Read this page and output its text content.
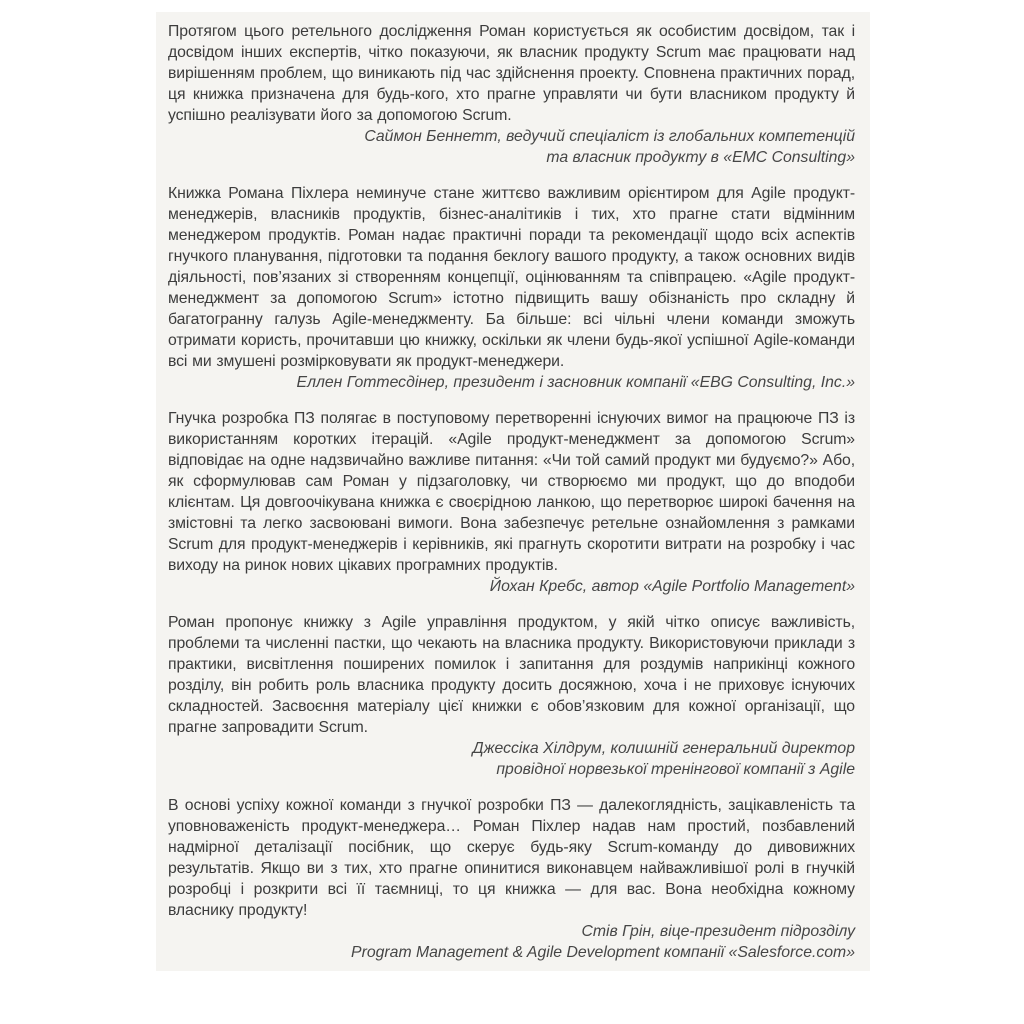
Протягом цього ретельного дослідження Роман користується як особистим досвідом, так і досвідом інших експертів, чітко показуючи, як власник продукту Scrum має працювати над вирішенням проблем, що виникають під час здійснення проекту. Сповнена практичних порад, ця книжка призначена для будь-кого, хто прагне управляти чи бути власником продукту й успішно реалізувати його за допомогою Scrum.

Саймон Беннетт, ведучий спеціаліст із глобальних компетенцій
та власник продукту в «EMC Consulting»

Книжка Романа Піхлера неминуче стане життєво важливим орієнтиром для Agile продукт-менеджерів, власників продуктів, бізнес-аналітиків і тих, хто прагне стати відмінним менеджером продуктів. Роман надає практичні поради та рекомендації щодо всіх аспектів гнучкого планування, підготовки та подання беклогу вашого продукту, а також основних видів діяльності, пов’язаних зі створенням концепції, оцінюванням та співпрацею. «Agile продукт-менеджмент за допомогою Scrum» істотно підвищить вашу обізнаність про складну й багатогранну галузь Agile-менеджменту. Ба більше: всі чільні члени команди зможуть отримати користь, прочитавши цю книжку, оскільки як члени будь-якої успішної Agile-команди всі ми змушені розмірковувати як продукт-менеджери.

Еллен Готтесдінер, президент і засновник компанії «EBG Consulting, Inc.»

Гнучка розробка ПЗ полягає в поступовому перетворенні існуючих вимог на працююче ПЗ із використанням коротких ітерацій. «Agile продукт-менеджмент за допомогою Scrum» відповідає на одне надзвичайно важливе питання: «Чи той самий продукт ми будуємо?» Або, як сформулював сам Роман у підзаголовку, чи створюємо ми продукт, що до вподоби клієнтам. Ця довгоочікувана книжка є своєрідною ланкою, що перетворює широкі бачення на змістовні та легко засвоювані вимоги. Вона забезпечує ретельне ознайомлення з рамками Scrum для продукт-менеджерів і керівників, які прагнуть скоротити витрати на розробку і час виходу на ринок нових цікавих програмних продуктів.

Йохан Кребс, автор «Agile Portfolio Management»

Роман пропонує книжку з Agile управління продуктом, у якій чітко описує важливість, проблеми та численні пастки, що чекають на власника продукту. Використовуючи приклади з практики, висвітлення поширених помилок і запитання для роздумів наприкінці кожного розділу, він робить роль власника продукту досить досяжною, хоча і не приховує існуючих складностей. Засвоєння матеріалу цієї книжки є обов’язковим для кожної організації, що прагне запровадити Scrum.

Джессіка Хілдрум, колишній генеральний директор
провідної норвезької тренінгової компанії з Agile

В основі успіху кожної команди з гнучкої розробки ПЗ — далекоглядність, зацікавленість та уповноваженість продукт-менеджера… Роман Піхлер надав нам простий, позбавлений надмірної деталізації посібник, що скерує будь-яку Scrum-команду до дивовижних результатів. Якщо ви з тих, хто прагне опинитися виконавцем найважливішої ролі в гнучкій розробці і розкрити всі її таємниці, то ця книжка — для вас. Вона необхідна кожному власнику продукту!

Стів Грін, віце-президент підрозділу
Program Management & Agile Development компанії «Salesforce.com»
